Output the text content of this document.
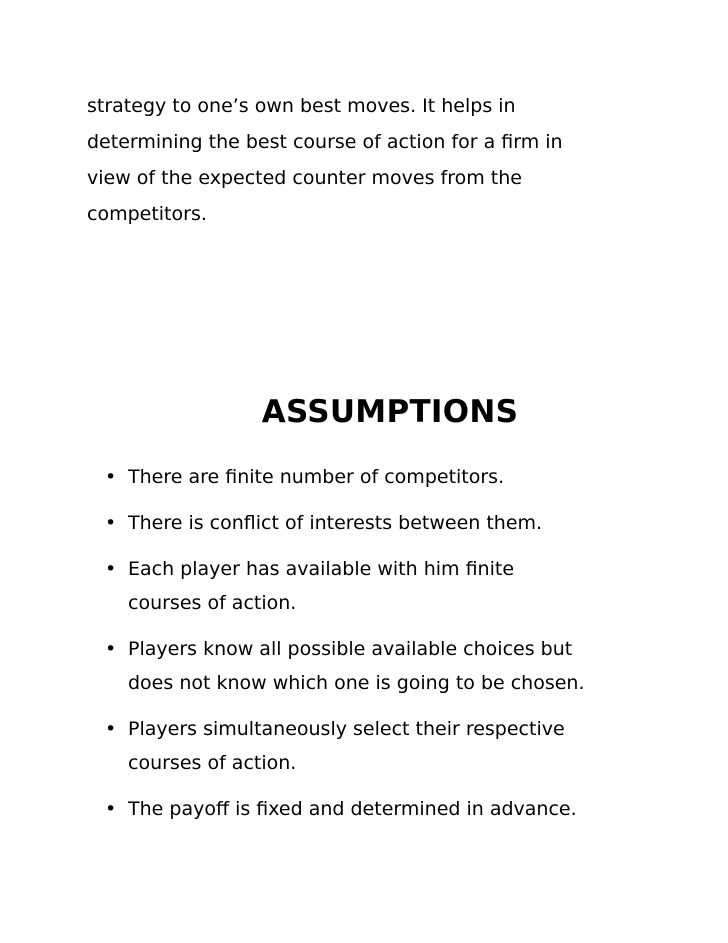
strategy to one’s own best moves. It helps in
determining the best course of action for a firm in
view of the expected counter moves from the
competitors.

ASSUMPTIONS
• There are finite number of competitors.
• There is conflict of interests between them.
• Each player has available with him finite
courses of action.
• Players know all possible available choices but
does not know which one is going to be chosen.
• Players simultaneously select their respective
courses of action.
• The payoff is fixed and determined in advance.
